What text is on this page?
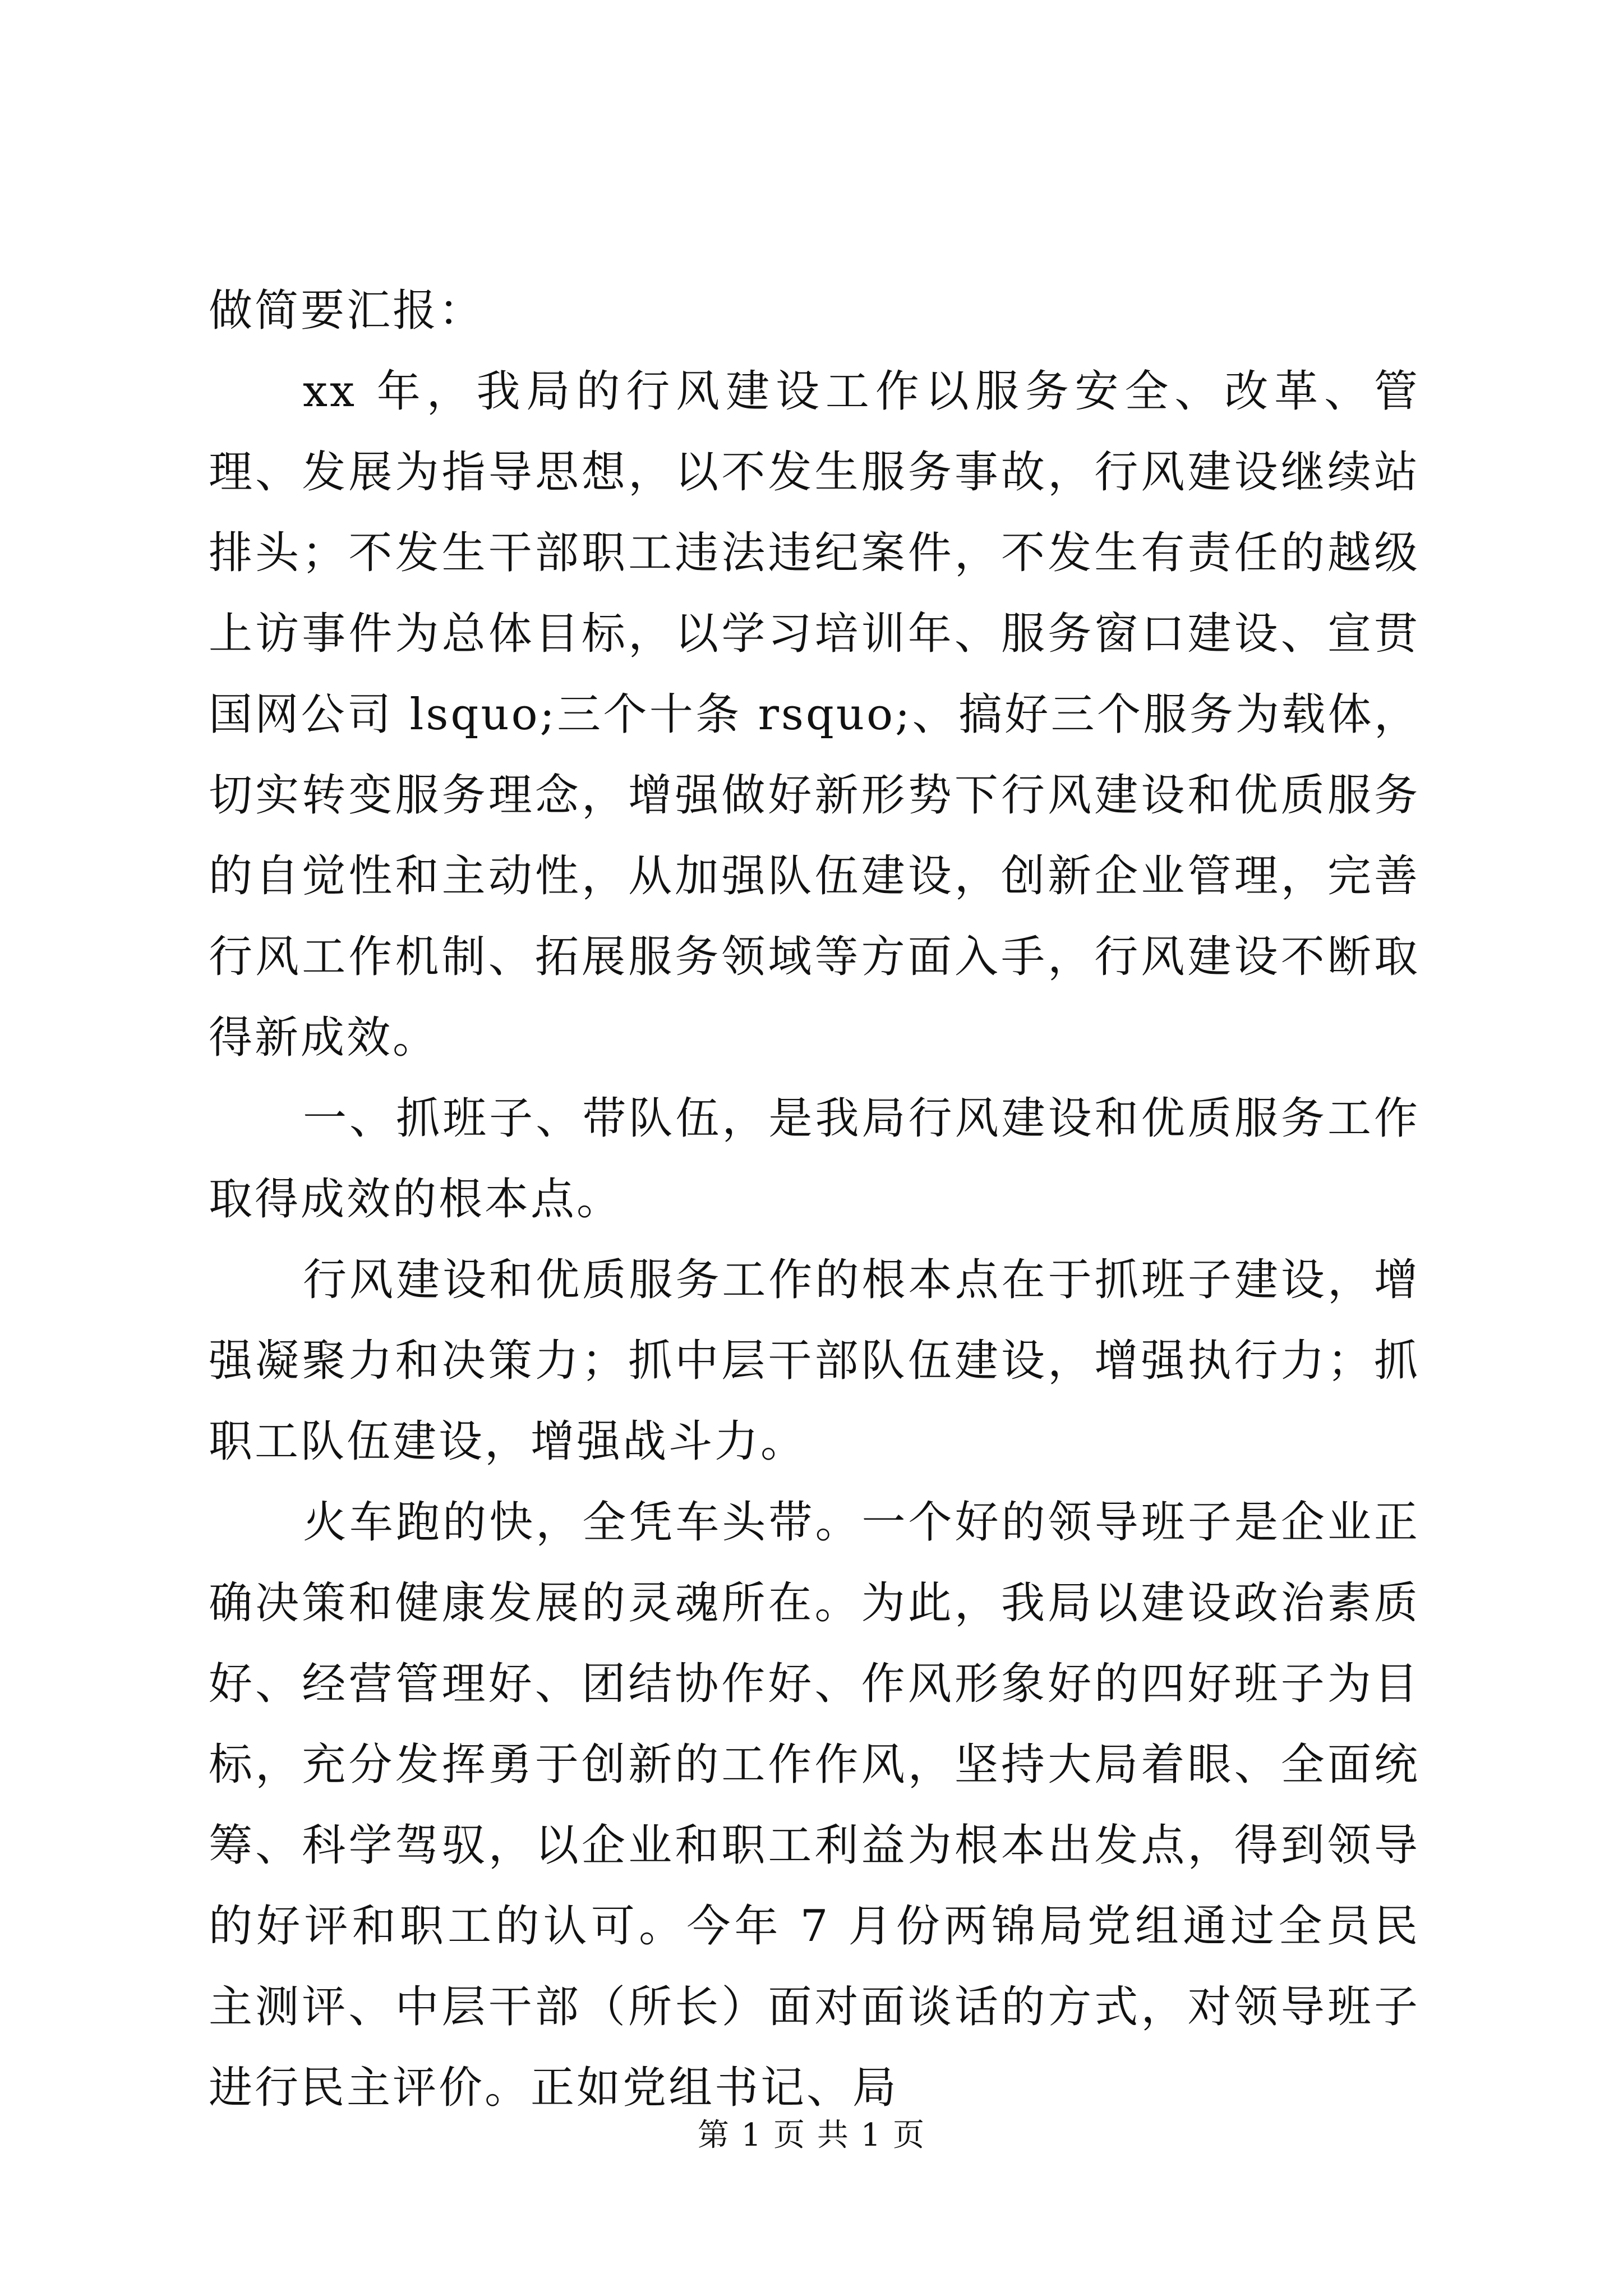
做简要汇报：

xx 年，我局的行风建设工作以服务安全、改革、管理、发展为指导思想，以不发生服务事故，行风建设继续站排头；不发生干部职工违法违纪案件，不发生有责任的越级上访事件为总体目标，以学习培训年、服务窗口建设、宣贯国网公司 lsquo;三个十条 rsquo;、搞好三个服务为载体，切实转变服务理念，增强做好新形势下行风建设和优质服务的自觉性和主动性，从加强队伍建设，创新企业管理，完善行风工作机制、拓展服务领域等方面入手，行风建设不断取得新成效。

一、抓班子、带队伍，是我局行风建设和优质服务工作取得成效的根本点。

行风建设和优质服务工作的根本点在于抓班子建设，增强凝聚力和决策力；抓中层干部队伍建设，增强执行力；抓职工队伍建设，增强战斗力。

火车跑的快，全凭车头带。一个好的领导班子是企业正确决策和健康发展的灵魂所在。为此，我局以建设政治素质好、经营管理好、团结协作好、作风形象好的四好班子为目标，充分发挥勇于创新的工作作风，坚持大局着眼、全面统筹、科学驾驭，以企业和职工利益为根本出发点，得到领导的好评和职工的认可。今年 7 月份两锦局党组通过全员民主测评、中层干部（所长）面对面谈话的方式，对领导班子进行民主评价。正如党组书记、局

第 1 页 共 1 页
